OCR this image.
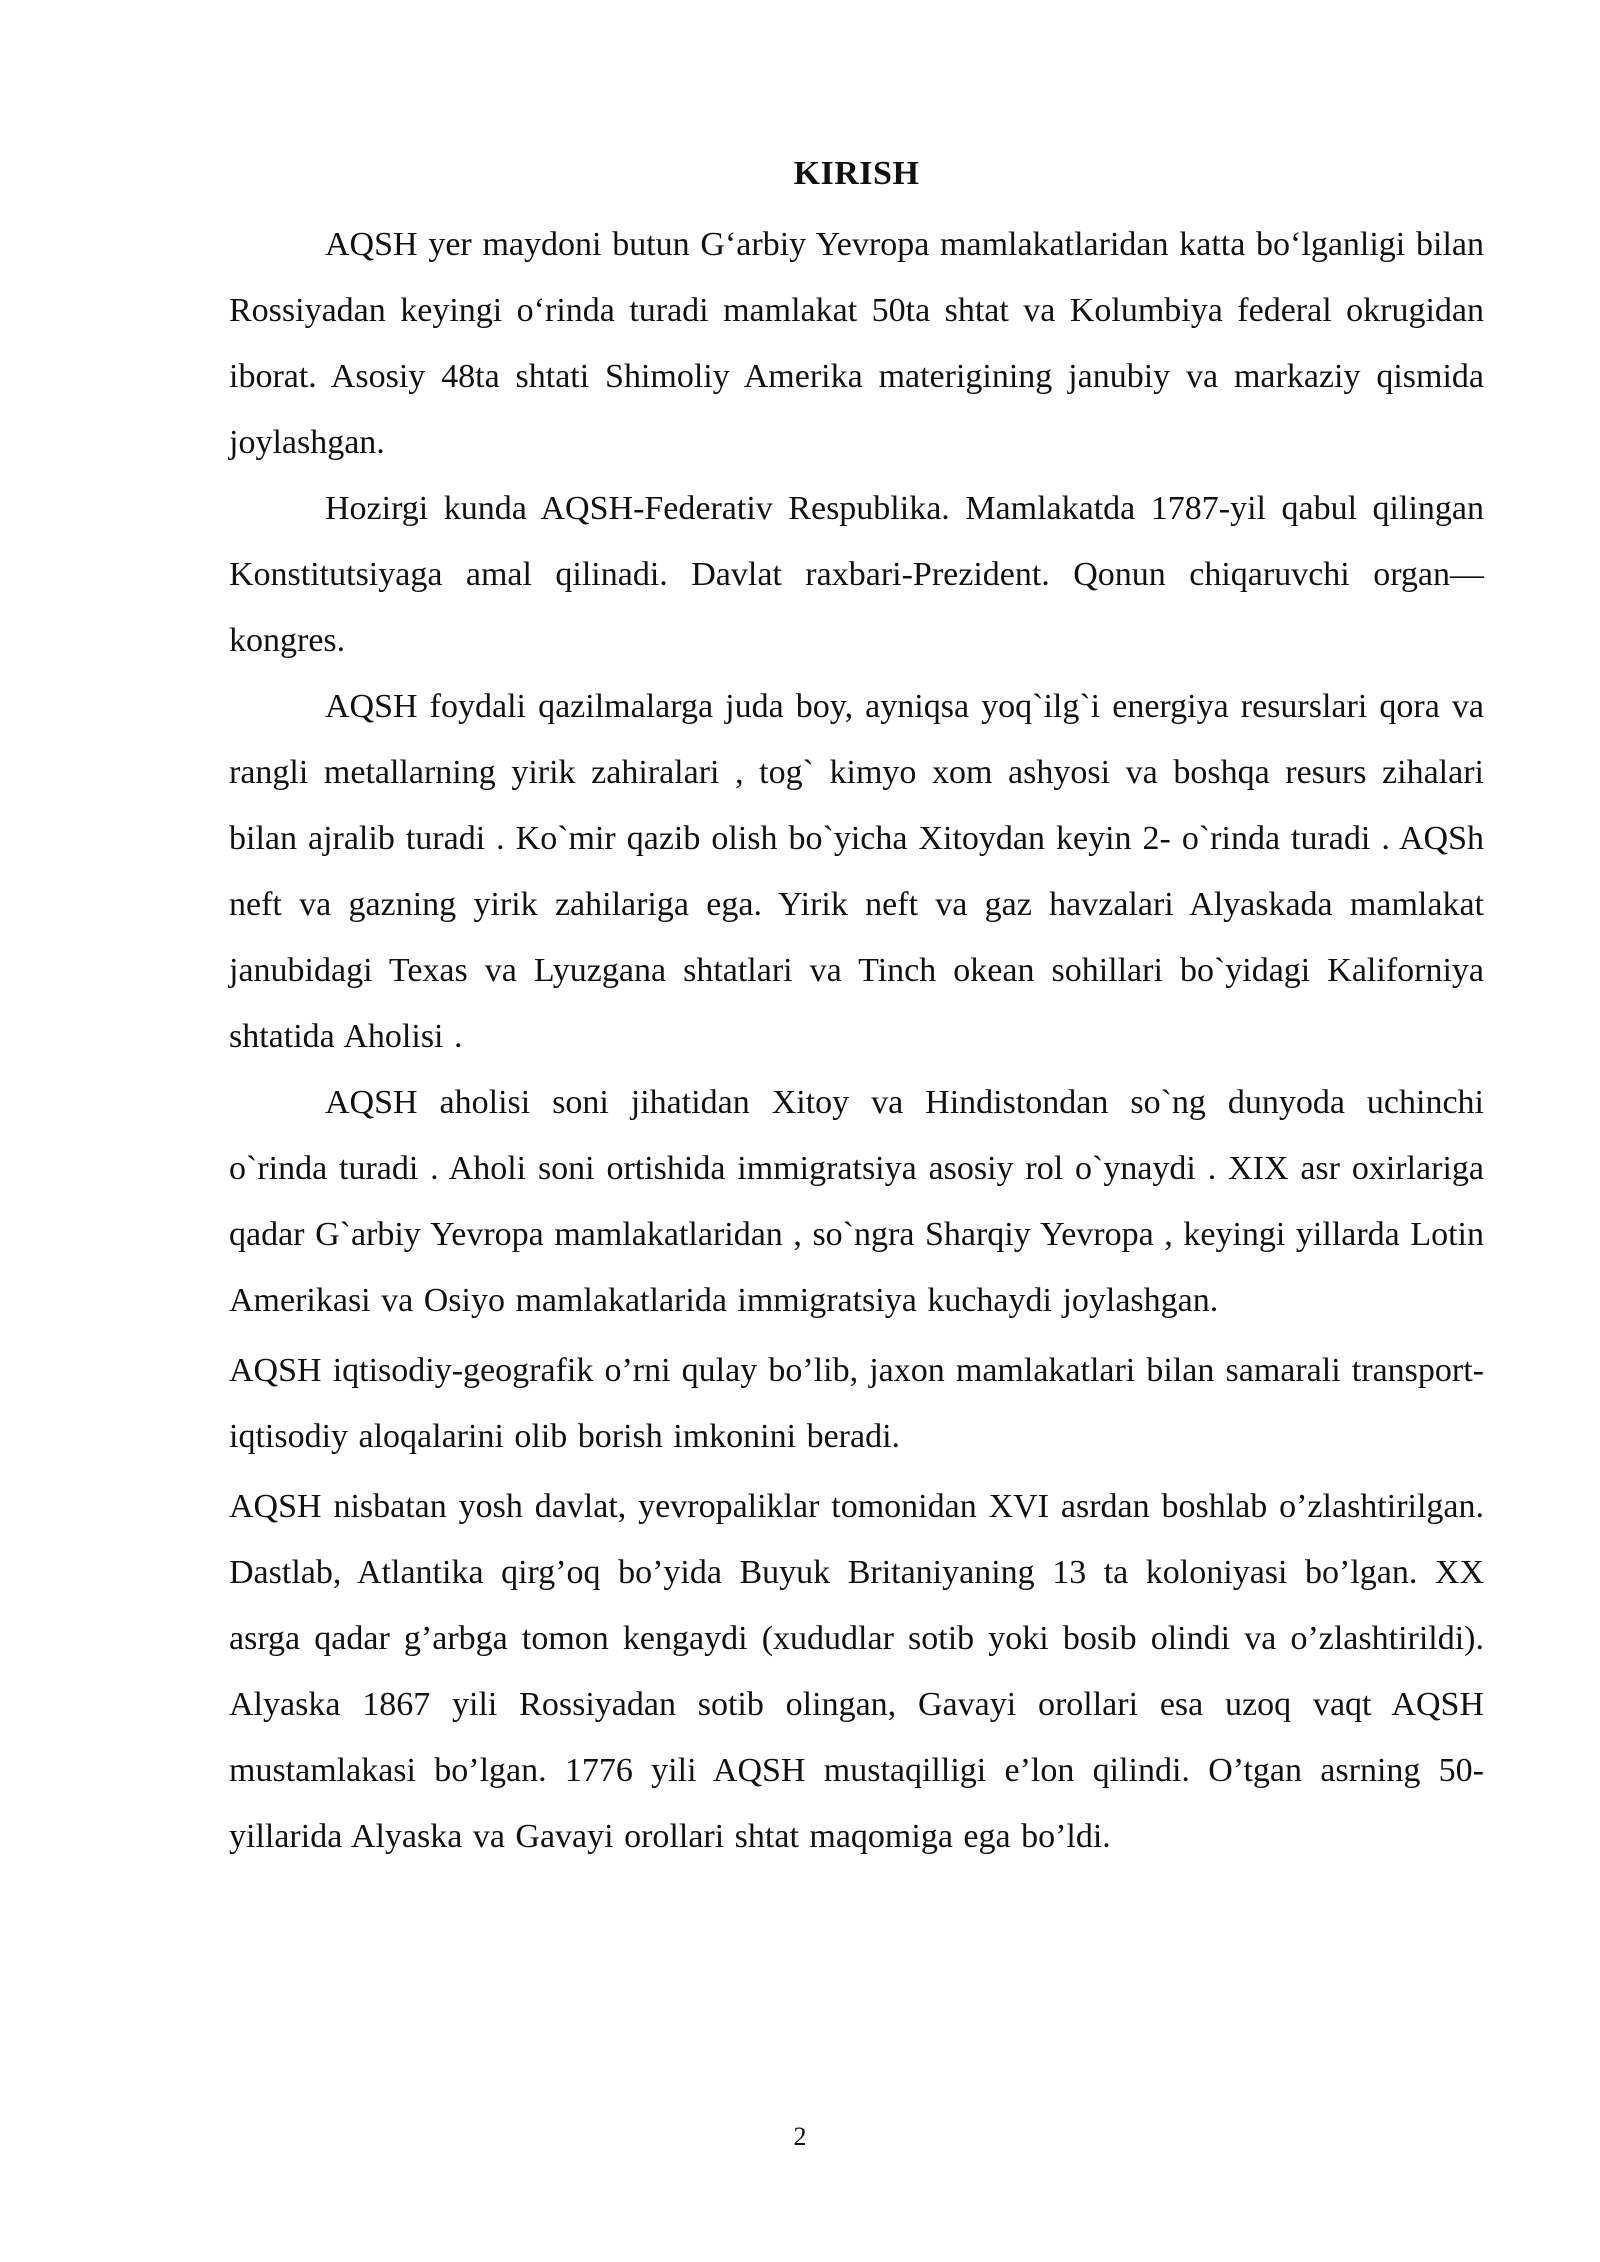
KIRISH

AQSH yer maydoni butun G‘arbiy Yevropa mamlakatlaridan katta bo‘lganligi bilan Rossiyadan keyingi o‘rinda turadi mamlakat 50ta shtat va Kolumbiya federal okrugidan iborat. Asosiy 48ta shtati Shimoliy Amerika materigining janubiy va markaziy qismida joylashgan.

Hozirgi kunda AQSH-Federativ Respublika. Mamlakatda 1787-yil qabul qilingan Konstitutsiyaga amal qilinadi. Davlat raxbari-Prezident. Qonun chiqaruvchi organ—kongres.

AQSH foydali qazilmalarga juda boy, ayniqsa yoq`ilg`i energiya resurslari qora va rangli metallarning yirik zahiralari , tog` kimyo xom ashyosi va boshqa resurs zihalari bilan ajralib turadi . Ko`mir qazib olish bo`yicha Xitoydan keyin 2- o`rinda turadi . AQSh neft va gazning yirik zahilariga ega. Yirik neft va gaz havzalari Alyaskada mamlakat janubidagi Texas va Lyuzgana shtatlari va Tinch okean sohillari bo`yidagi Kaliforniya shtatida Aholisi .

AQSH aholisi soni jihatidan Xitoy va Hindistondan so`ng dunyoda uchinchi o`rinda turadi . Aholi soni ortishida immigratsiya asosiy rol o`ynaydi . XIX asr oxirlariga qadar G`arbiy Yevropa mamlakatlaridan , so`ngra Sharqiy Yevropa , keyingi yillarda Lotin Amerikasi va Osiyo mamlakatlarida immigratsiya kuchaydi joylashgan.

AQSH iqtisodiy-geografik o’rni qulay bo’lib, jaxon mamlakatlari bilan samarali transport-iqtisodiy aloqalarini olib borish imkonini beradi.

AQSH nisbatan yosh davlat, yevropaliklar tomonidan XVI asrdan boshlab o’zlashtirilgan. Dastlab, Atlantika qirg’oq bo’yida Buyuk Britaniyaning 13 ta koloniyasi bo’lgan. XX asrga qadar g’arbga tomon kengaydi (xududlar sotib yoki bosib olindi va o’zlashtirildi). Alyaska 1867 yili Rossiyadan sotib olingan, Gavayi orollari esa uzoq vaqt AQSH mustamlakasi bo’lgan. 1776 yili AQSH mustaqilligi e’lon qilindi. O’tgan asrning 50-yillarida Alyaska va Gavayi orollari shtat maqomiga ega bo’ldi.

2
